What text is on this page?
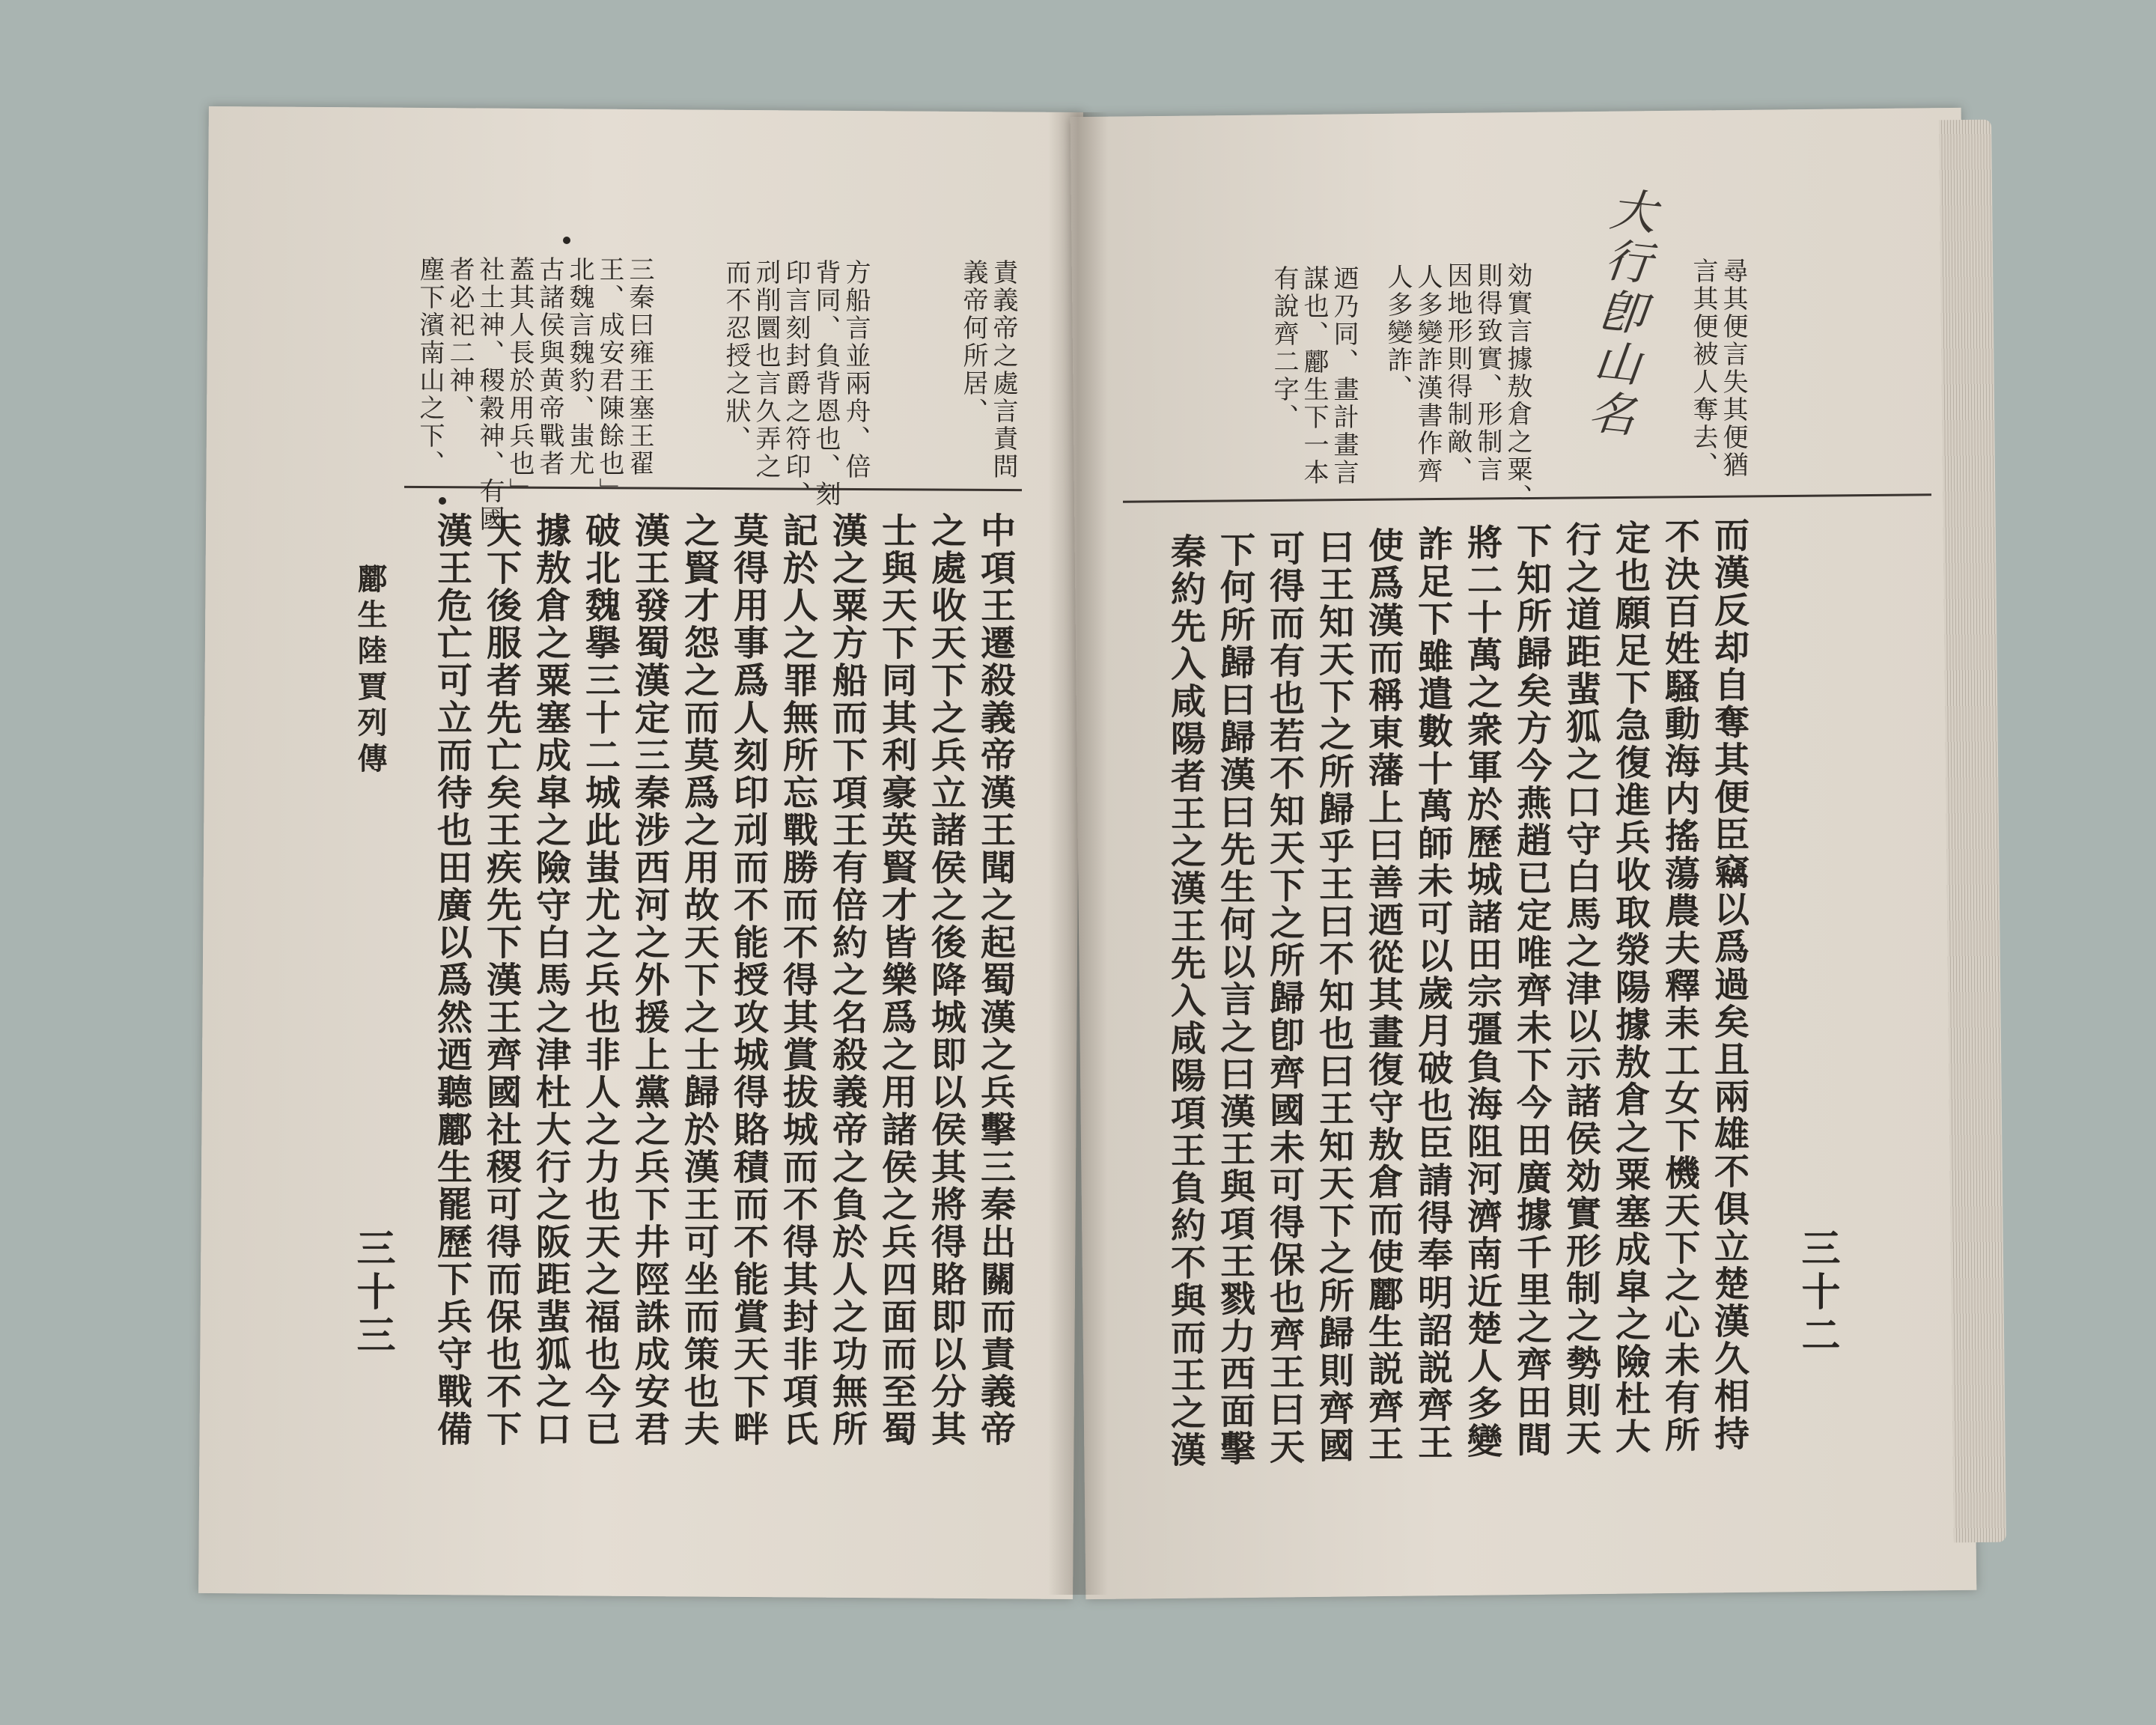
三秦曰雍王塞王翟
王、成安君陳餘也」
北魏言魏豹、蚩尤
古諸侯與黄帝戰者
蓋其人長於用兵也」
社土神、稷穀神、有國
者必祀二神、
塵下濱南山之下、	方船言並兩舟、倍
背同、負背恩也、刻
印言刻封爵之符印、
刓削圜也言久弄之
而不忍授之狀、	責義帝之處言責問
義帝何所居、
中項王遷殺義帝漢王聞之起蜀漢之兵擊三秦出關而責義帝
之處收天下之兵立諸侯之後降城即以侯其將得賂即以分其
士與天下同其利豪英賢才皆樂爲之用諸侯之兵四面而至蜀
漢之粟方船而下項王有倍約之名殺義帝之負於人之功無所
記於人之罪無所忘戰勝而不得其賞拔城而不得其封非項氏
莫得用事爲人刻印刓而不能授攻城得賂積而不能賞天下畔
之賢才怨之而莫爲之用故天下之士歸於漢王可坐而策也夫
漢王發蜀漢定三秦涉西河之外援上黨之兵下井陘誅成安君
破北魏擧三十二城此蚩尤之兵也非人之力也天之福也今已
據敖倉之粟塞成皐之險守白馬之津杜大行之阪距蜚狐之口
天下後服者先亡矣王疾先下漢王齊國社稷可得而保也不下
漢王危亡可立而待也田廣以爲然迺聽酈生罷歷下兵守戰備
酈生陸賈列傳
三十三
大行卽山名 尋其便言失其便猶
言其便被人奪去、
効實言據敖倉之粟、
則得致實、形制言
因地形則得制敵、
人多變詐漢書作齊
人多變詐、
迺乃同、畫計畫言
謀也、酈生下一本
有說齊二字、
而漢反却自奪其便臣竊以爲過矣且兩雄不俱立楚漢久相持
不決百姓騷動海内搖蕩農夫釋耒工女下機天下之心未有所
定也願足下急復進兵收取滎陽據敖倉之粟塞成皐之險杜大
行之道距蜚狐之口守白馬之津以示諸侯効實形制之勢則天
下知所歸矣方今燕趙已定唯齊未下今田廣據千里之齊田間
將二十萬之衆軍於歷城諸田宗彊負海阻河濟南近楚人多變
詐足下雖遣數十萬師未可以歲月破也臣請得奉明詔説齊王
使爲漢而稱東藩上曰善迺從其畫復守敖倉而使酈生説齊王
曰王知天下之所歸乎王曰不知也曰王知天下之所歸則齊國
可得而有也若不知天下之所歸卽齊國未可得保也齊王曰天
下何所歸曰歸漢曰先生何以言之曰漢王與項王戮力西面擊
秦約先入咸陽者王之漢王先入咸陽項王負約不與而王之漢	三十二
